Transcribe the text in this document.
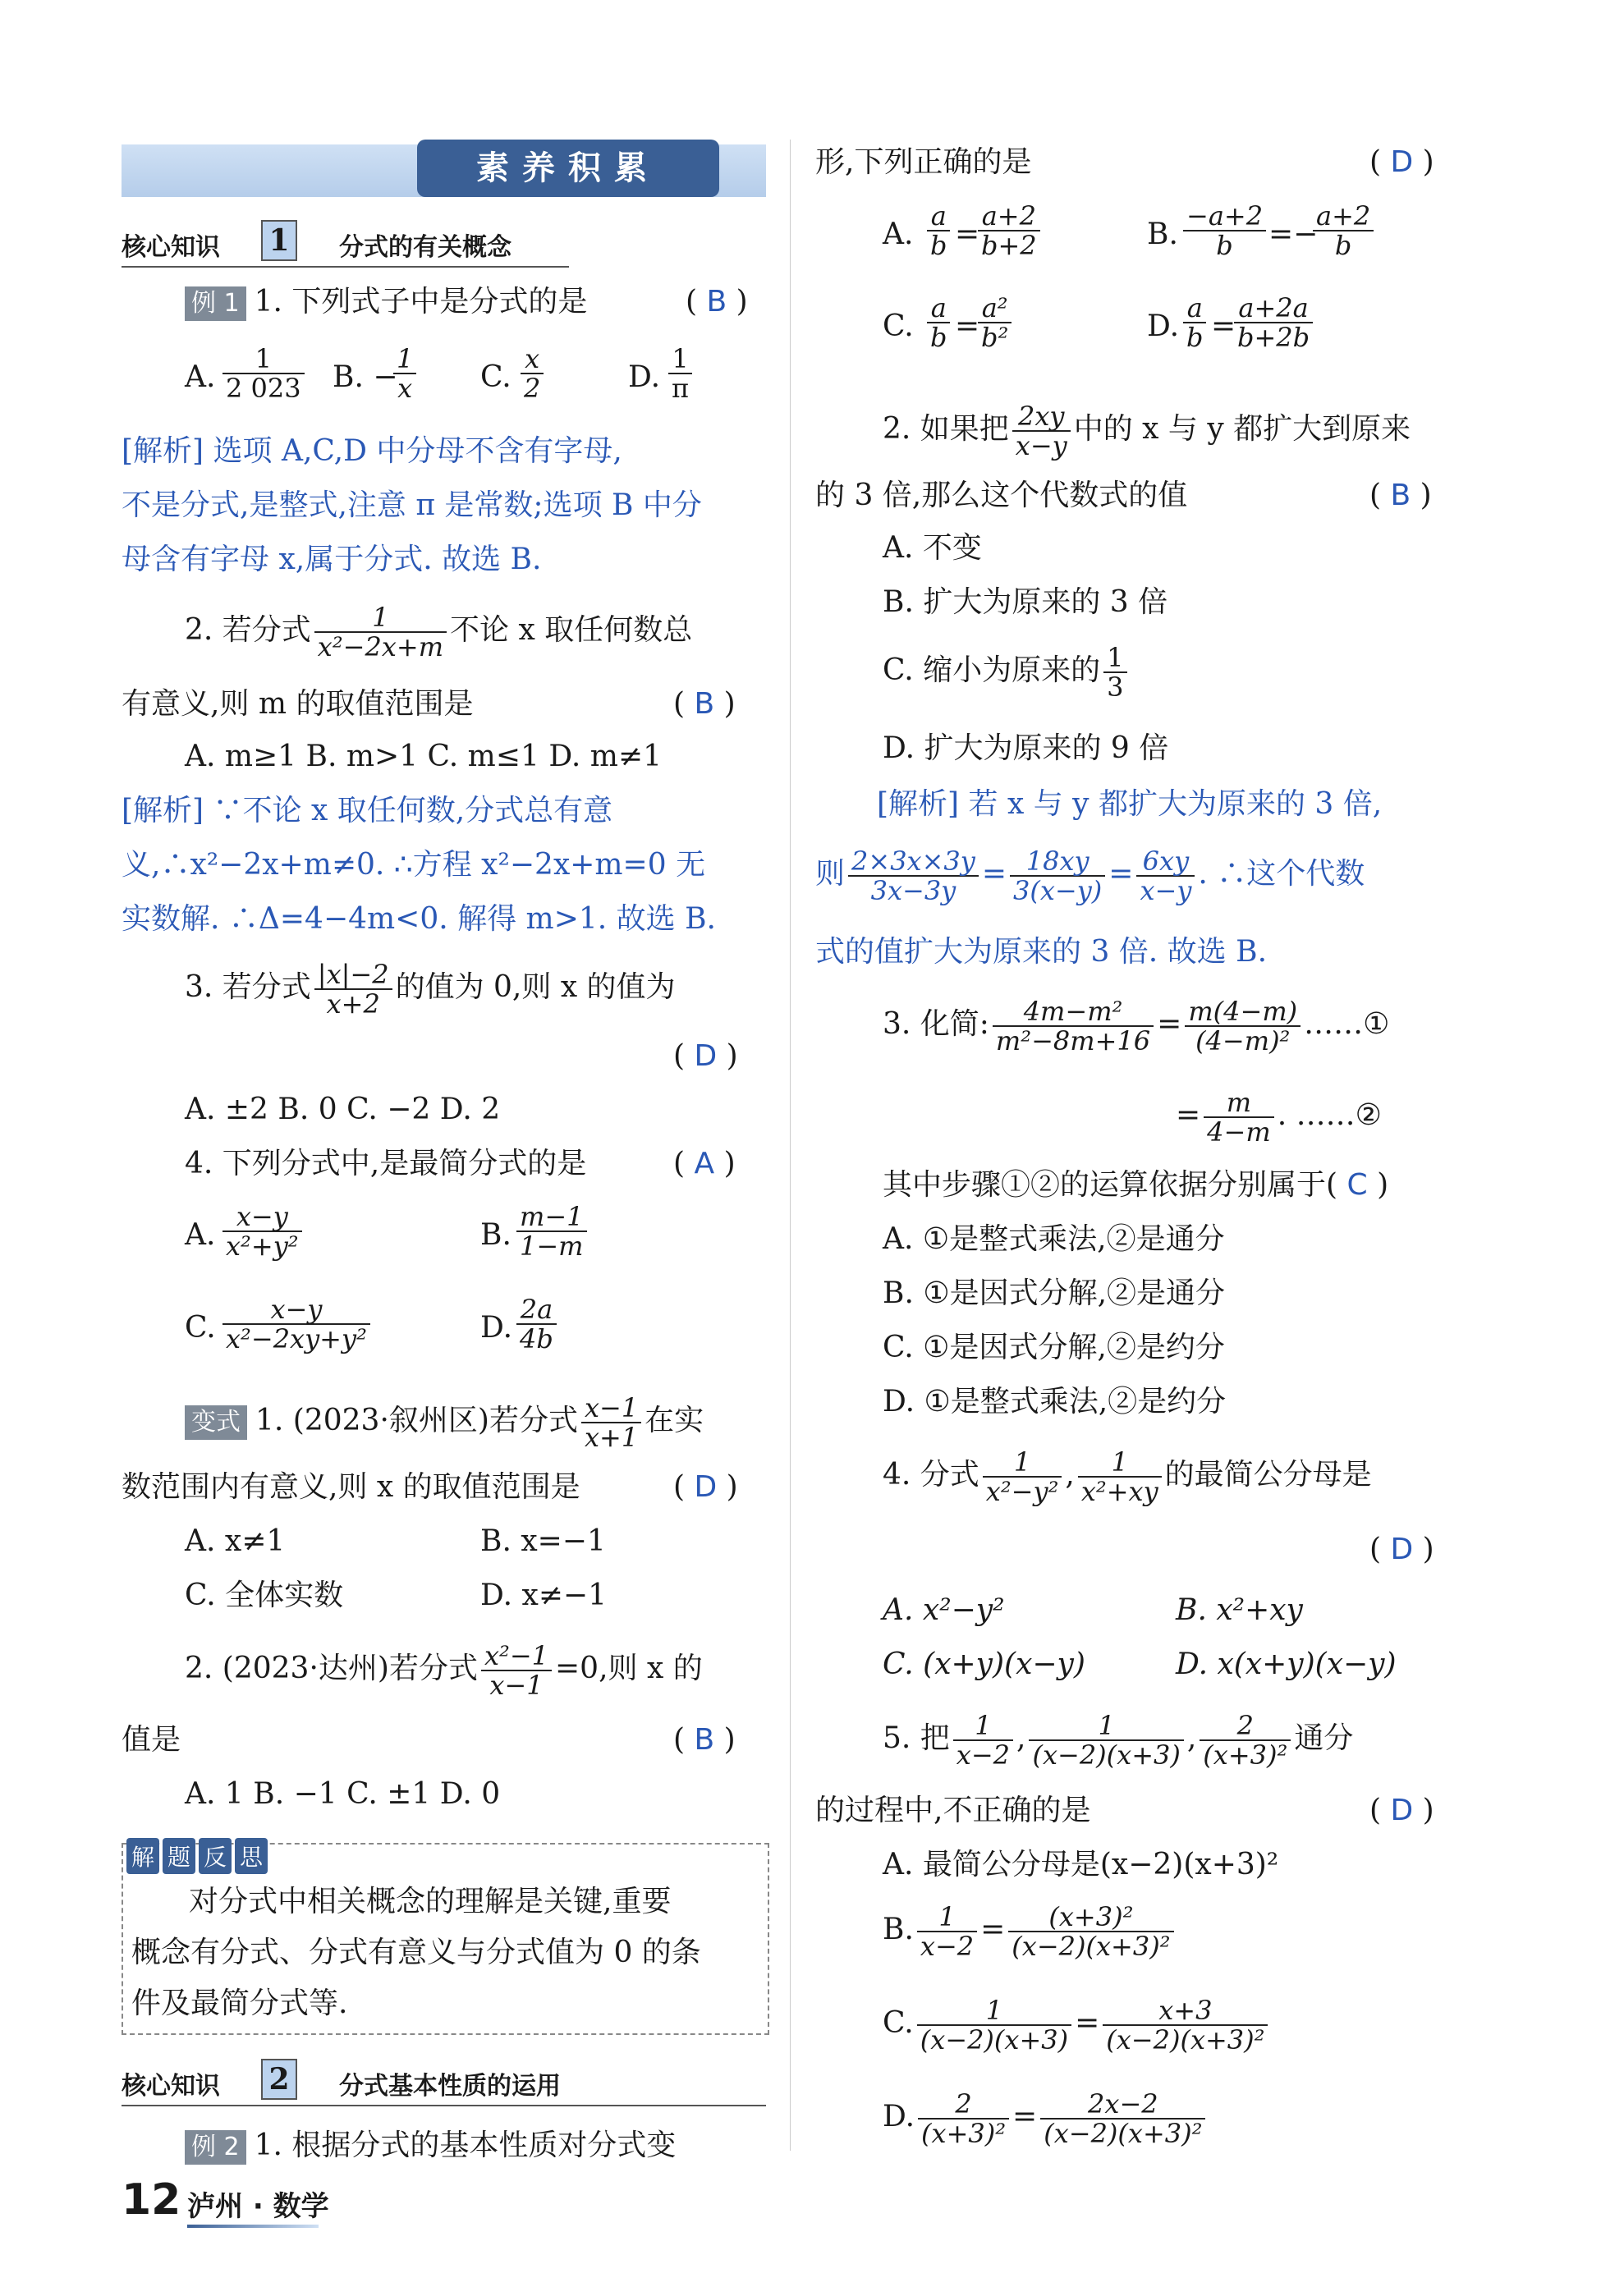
素养积累
核心知识 1	分式的有关概念
例 1 1. 下列式子中是分式的是	( B )
A. $\frac{1}{2 023} B$. −
$\frac{1}{x} C$. $\frac{x}{2}$	D. $\frac{1}{\pi}$
[解析] 选项 A,C,D 中分母不含有字母,
不是分式,是整式,注意 π 是常数;选项 B 中分
母含有字母 x,属于分式. 故选 B.
2. 若分式 $\frac{1}{\text{x²−2x+m}}$ 不论 x 取任何数总
有意义,则 m 的取值范围是	( B )
A. m≥1 B. m>1 C. m≤1 D. m≠1
[解析] ∵不论 x 取任何数,分式总有意
义,∴x²−2x+m≠0. ∴方程 x²−2x+m=0 无
实数解. ∴Δ=4−4m<0. 解得 m>1. 故选 B.
3. 若分式 $\frac{|x|-2}{x+2}$ 的值为 0,则 x 的值为
( D )
A. ±2 B. 0 C. −2 D. 2
4. 下列分式中,是最简分式的是	( A )
A. $\frac{x-y}{\text{x²+y²}}$	B. $\frac{m-1}{1-m}$
C. $\frac{x-y}{\text{x²−2xy+y²}}$	D. $\frac{2a}{4b}$
变式 1. (2023·叙州区)若分式 $\frac{x-1}{x+1}$ 在实
数范围内有意义,则 x 的取值范围是	( D )
A. x≠1	B. x=−1
C. 全体实数	D. x≠−1
2. (2023·达州)若分式 $\frac{\text{x²−1}}{x-1} =0$,则 x 的
值是	( B )
A. 1 B. −1 C. ±1 D. 0
解 题 反 思
对分式中相关概念的理解是关键,重要
概念有分式、分式有意义与分式值为 0 的条
件及最简分式等.
核心知识 2	分式基本性质的运用
例 2 1. 根据分式的基本性质对分式变
形,下列正确的是	( D )
A. $\frac{a}{b}$ =
$\frac{a+2}{b+2}$	B. $\frac{-a+2}{b}$ =−
$\frac{a+2}{b}$
C. $\frac{a}{b}$ =
$\frac{\text{a²}}{\text{b²}}$	D. $\frac{a}{b}$ =
$\frac{a+2a}{b+2b}$
2. 如果把 $\frac{2xy}{x-y}$ 中的 x 与 y 都扩大到原来
的 3 倍,那么这个代数式的值	( B )
A. 不变
B. 扩大为原来的 3 倍
C. 缩小为原来的 $\frac{1}{3}$
D. 扩大为原来的 9 倍
[解析] 若 x 与 y 都扩大为原来的 3 倍,
则 $\frac{2\times 3x\times 3y}{3x-3y} = \frac{18xy}{3(x-y)} = \frac{6xy}{x-y}$ . ∴这个代数
式的值扩大为原来的 3 倍. 故选 B.
3. 化简: $\frac{\text{4m−m²}}{\text{m²−8m+16}} = \frac{m(4-m)}{\text{(4−m)²}}$ ……①
= $\frac{m}{4-m}$ . ……②
其中步骤①②的运算依据分别属于( C )
A. ①是整式乘法,②是通分
B. ①是因式分解,②是通分
C. ①是因式分解,②是约分
D. ①是整式乘法,②是约分
4. 分式 $\frac{1}{\text{x²−y²}}$ , $\frac{1}{\text{x²+xy}}$ 的最简公分母是
( D )
A. x²−y²	B. x²+xy
C. (x+y)(x−y)	D. x(x+y)(x−y)
5. 把 $\frac{1}{x-2}$ , $\frac{1}{(x-2)(x+3)}$ , $\frac{2}{\text{(x+3)²}}$ 通分
的过程中,不正确的是	( D )
A. 最简公分母是(x−2)(x+3)²
B. $\frac{1}{x-2} = \frac{\text{(x+3)²}}{\text{(x−2)(x+3)²}}$
C. $\frac{1}{(x-2)(x+3)} = \frac{x+3}{\text{(x−2)(x+3)²}}$
D. $\frac{2}{\text{(x+3)²}} = \frac{2x-2}{\text{(x−2)(x+3)²}}$
12 泸州 · 数学
